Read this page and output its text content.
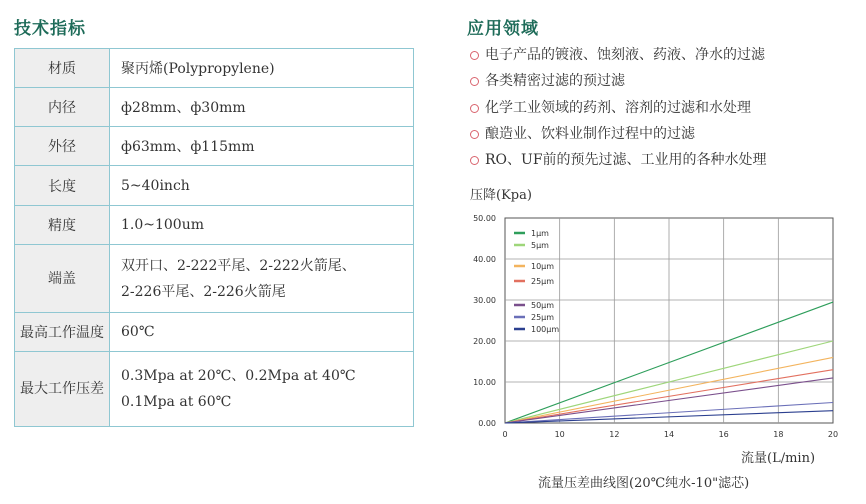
技术指标
材质	聚丙烯(Polypropylene)

内径	ф28mm、ф30mm

外径	ф63mm、ф115mm

长度	5~40inch

精度	1.0~100um

端盖	双开口、2-222平尾、2-222火箭尾、
2-226平尾、2-226火箭尾

最高工作温度	60℃

最大工作压差	0.3Mpa at 20℃、0.2Mpa at 40℃
0.1Mpa at 60℃
应用领域
电子产品的镀液、蚀刻液、药液、净水的过滤
各类精密过滤的预过滤
化学工业领域的药剂、溶剂的过滤和水处理
酿造业、饮料业制作过程中的过滤
RO、UF前的预先过滤、工业用的各种水处理
压降(Kpa)
0.00
10.00
20.00
30.00
40.00
50.00
0	10	12	14	16	18	20
1μm
5μm
10μm
25μm
50μm
25μm
100μm
流量(L/min)
流量压差曲线图(20℃纯水-10"滤芯)
